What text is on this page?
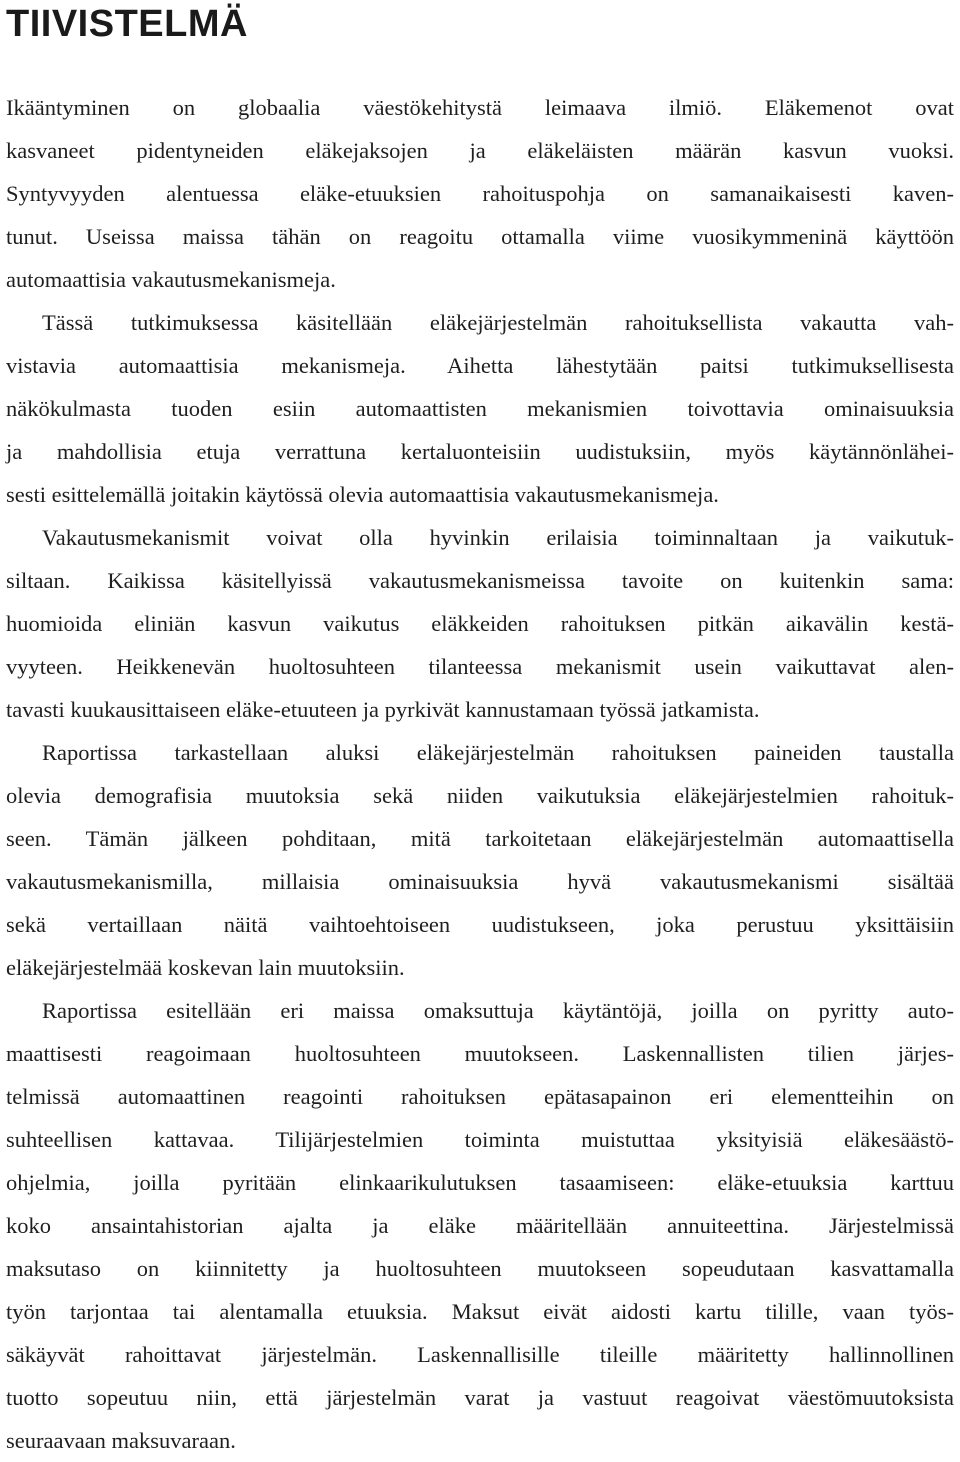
TIIVISTELMÄ
Ikääntyminen on globaalia väestökehitystä leimaava ilmiö. Eläkemenot ovat
kasvaneet pidentyneiden eläkejaksojen ja eläkeläisten määrän kasvun vuoksi.
Syntyvyyden alentuessa eläke-etuuksien rahoituspohja on samanaikaisesti kaven-
tunut. Useissa maissa tähän on reagoitu ottamalla viime vuosikymmeninä käyttöön
automaattisia vakautusmekanismeja.
Tässä tutkimuksessa käsitellään eläkejärjestelmän rahoituksellista vakautta vah-
vistavia automaattisia mekanismeja. Aihetta lähestytään paitsi tutkimuksellisesta
näkökulmasta tuoden esiin automaattisten mekanismien toivottavia ominaisuuksia
ja mahdollisia etuja verrattuna kertaluonteisiin uudistuksiin, myös käytännönlähei-
sesti esittelemällä joitakin käytössä olevia automaattisia vakautusmekanismeja.
Vakautusmekanismit voivat olla hyvinkin erilaisia toiminnaltaan ja vaikutuk-
siltaan. Kaikissa käsitellyissä vakautusmekanismeissa tavoite on kuitenkin sama:
huomioida eliniän kasvun vaikutus eläkkeiden rahoituksen pitkän aikavälin kestä-
vyyteen. Heikkenevän huoltosuhteen tilanteessa mekanismit usein vaikuttavat alen-
tavasti kuukausittaiseen eläke-etuuteen ja pyrkivät kannustamaan työssä jatkamista.
Raportissa tarkastellaan aluksi eläkejärjestelmän rahoituksen paineiden taustalla
olevia demografisia muutoksia sekä niiden vaikutuksia eläkejärjestelmien rahoituk-
seen. Tämän jälkeen pohditaan, mitä tarkoitetaan eläkejärjestelmän automaattisella
vakautusmekanismilla, millaisia ominaisuuksia hyvä vakautusmekanismi sisältää
sekä vertaillaan näitä vaihtoehtoiseen uudistukseen, joka perustuu yksittäisiin
eläkejärjestelmää koskevan lain muutoksiin.
Raportissa esitellään eri maissa omaksuttuja käytäntöjä, joilla on pyritty auto-
maattisesti reagoimaan huoltosuhteen muutokseen. Laskennallisten tilien järjes-
telmissä automaattinen reagointi rahoituksen epätasapainon eri elementteihin on
suhteellisen kattavaa. Tilijärjestelmien toiminta muistuttaa yksityisiä eläkesäästö-
ohjelmia, joilla pyritään elinkaarikulutuksen tasaamiseen: eläke-etuuksia karttuu
koko ansaintahistorian ajalta ja eläke määritellään annuiteettina. Järjestelmissä
maksutaso on kiinnitetty ja huoltosuhteen muutokseen sopeudutaan kasvattamalla
työn tarjontaa tai alentamalla etuuksia. Maksut eivät aidosti kartu tilille, vaan työs-
säkäyvät rahoittavat järjestelmän. Laskennallisille tileille määritetty hallinnollinen
tuotto sopeutuu niin, että järjestelmän varat ja vastuut reagoivat väestömuutoksista
seuraavaan maksuvaraan.
